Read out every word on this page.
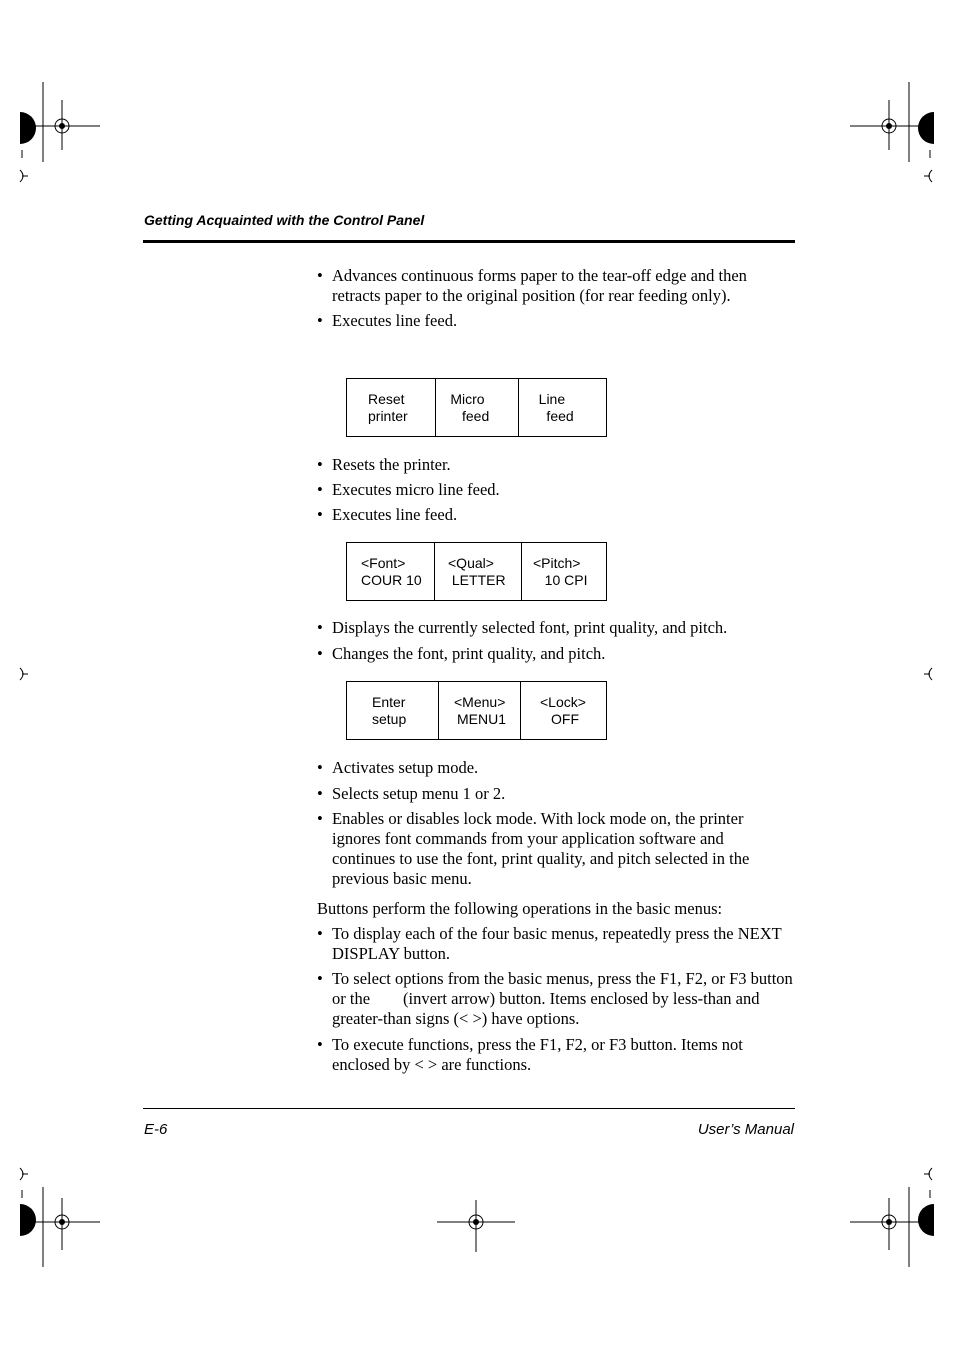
Getting Acquainted with the Control Panel
• Advances continuous forms paper to the tear-off edge and then retracts paper to the original position (for rear feeding only).
• Executes line feed.
Reset
printer
Micro
feed
Line
feed
• Resets the printer.
• Executes micro line feed.
• Executes line feed.
<Font>
COUR 10
<Qual>
LETTER
<Pitch>
10 CPI
• Displays the currently selected font, print quality, and pitch.
• Changes the font, print quality, and pitch.
Enter
setup
<Menu>
MENU1
<Lock>
OFF
• Activates setup mode.
• Selects setup menu 1 or 2.
• Enables or disables lock mode. With lock mode on, the printer ignores font commands from your application software and continues to use the font, print quality, and pitch selected in the previous basic menu.

Buttons perform the following operations in the basic menus:

• To display each of the four basic menus, repeatedly press the NEXT DISPLAY button.
• To select options from the basic menus, press the F1, F2, or F3 button or the        (invert arrow) button. Items enclosed by less-than and greater-than signs (< >) have options.
• To execute functions, press the F1, F2, or F3 button. Items not enclosed by < > are functions.
E-6	User’s Manual
